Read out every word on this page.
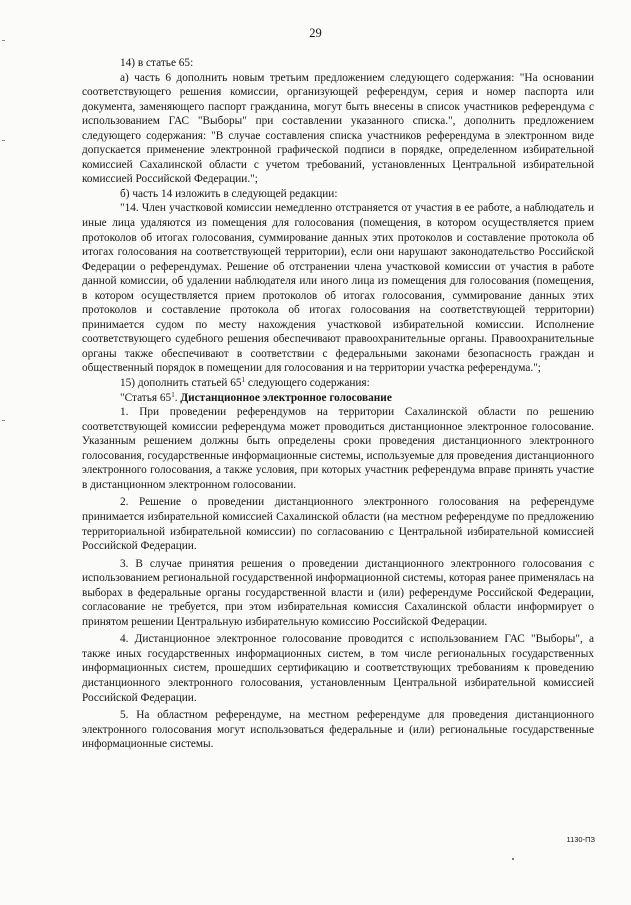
29

14) в статье 65:

а) часть 6 дополнить новым третьим предложением следующего содержания: "На основании соответствующего решения комиссии, организующей референдум, серия и номер паспорта или документа, заменяющего паспорт гражданина, могут быть внесены в список участников референдума с использованием ГАС "Выборы" при составлении указанного списка.", дополнить предложением следующего содержания: "В случае составления списка участников референдума в электронном виде допускается применение электронной графической подписи в порядке, определенном избирательной комиссией Сахалинской области с учетом требований, установленных Центральной избирательной комиссией Российской Федерации.";

б) часть 14 изложить в следующей редакции:

"14. Член участковой комиссии немедленно отстраняется от участия в ее работе, а наблюдатель и иные лица удаляются из помещения для голосования (помещения, в котором осуществляется прием протоколов об итогах голосования, суммирование данных этих протоколов и составление протокола об итогах голосования на соответствующей территории), если они нарушают законодательство Российской Федерации о референдумах. Решение об отстранении члена участковой комиссии от участия в работе данной комиссии, об удалении наблюдателя или иного лица из помещения для голосования (помещения, в котором осуществляется прием протоколов об итогах голосования, суммирование данных этих протоколов и составление протокола об итогах голосования на соответствующей территории) принимается судом по месту нахождения участковой избирательной комиссии. Исполнение соответствующего судебного решения обеспечивают правоохранительные органы. Правоохранительные органы также обеспечивают в соответствии с федеральными законами безопасность граждан и общественный порядок в помещении для голосования и на территории участка референдума.";

15) дополнить статьей $65^1$ следующего содержания:

"Статья $65^1$. Дистанционное электронное голосование

1. При проведении референдумов на территории Сахалинской области по решению соответствующей комиссии референдума может проводиться дистанционное электронное голосование. Указанным решением должны быть определены сроки проведения дистанционного электронного голосования, государственные информационные системы, используемые для проведения дистанционного электронного голосования, а также условия, при которых участник референдума вправе принять участие в дистанционном электронном голосовании.

2. Решение о проведении дистанционного электронного голосования на референдуме принимается избирательной комиссией Сахалинской области (на местном референдуме по предложению территориальной избирательной комиссии) по согласованию с Центральной избирательной комиссией Российской Федерации.

3. В случае принятия решения о проведении дистанционного электронного голосования с использованием региональной государственной информационной системы, которая ранее применялась на выборах в федеральные органы государственной власти и (или) референдуме Российской Федерации, согласование не требуется, при этом избирательная комиссия Сахалинской области информирует о принятом решении Центральную избирательную комиссию Российской Федерации.

4. Дистанционное электронное голосование проводится с использованием ГАС "Выборы", а также иных государственных информационных систем, в том числе региональных государственных информационных систем, прошедших сертификацию и соответствующих требованиям к проведению дистанционного электронного голосования, установленным Центральной избирательной комиссией Российской Федерации.

5. На областном референдуме, на местном референдуме для проведения дистанционного электронного голосования могут использоваться федеральные и (или) региональные государственные информационные системы.

1130-ПЗ
